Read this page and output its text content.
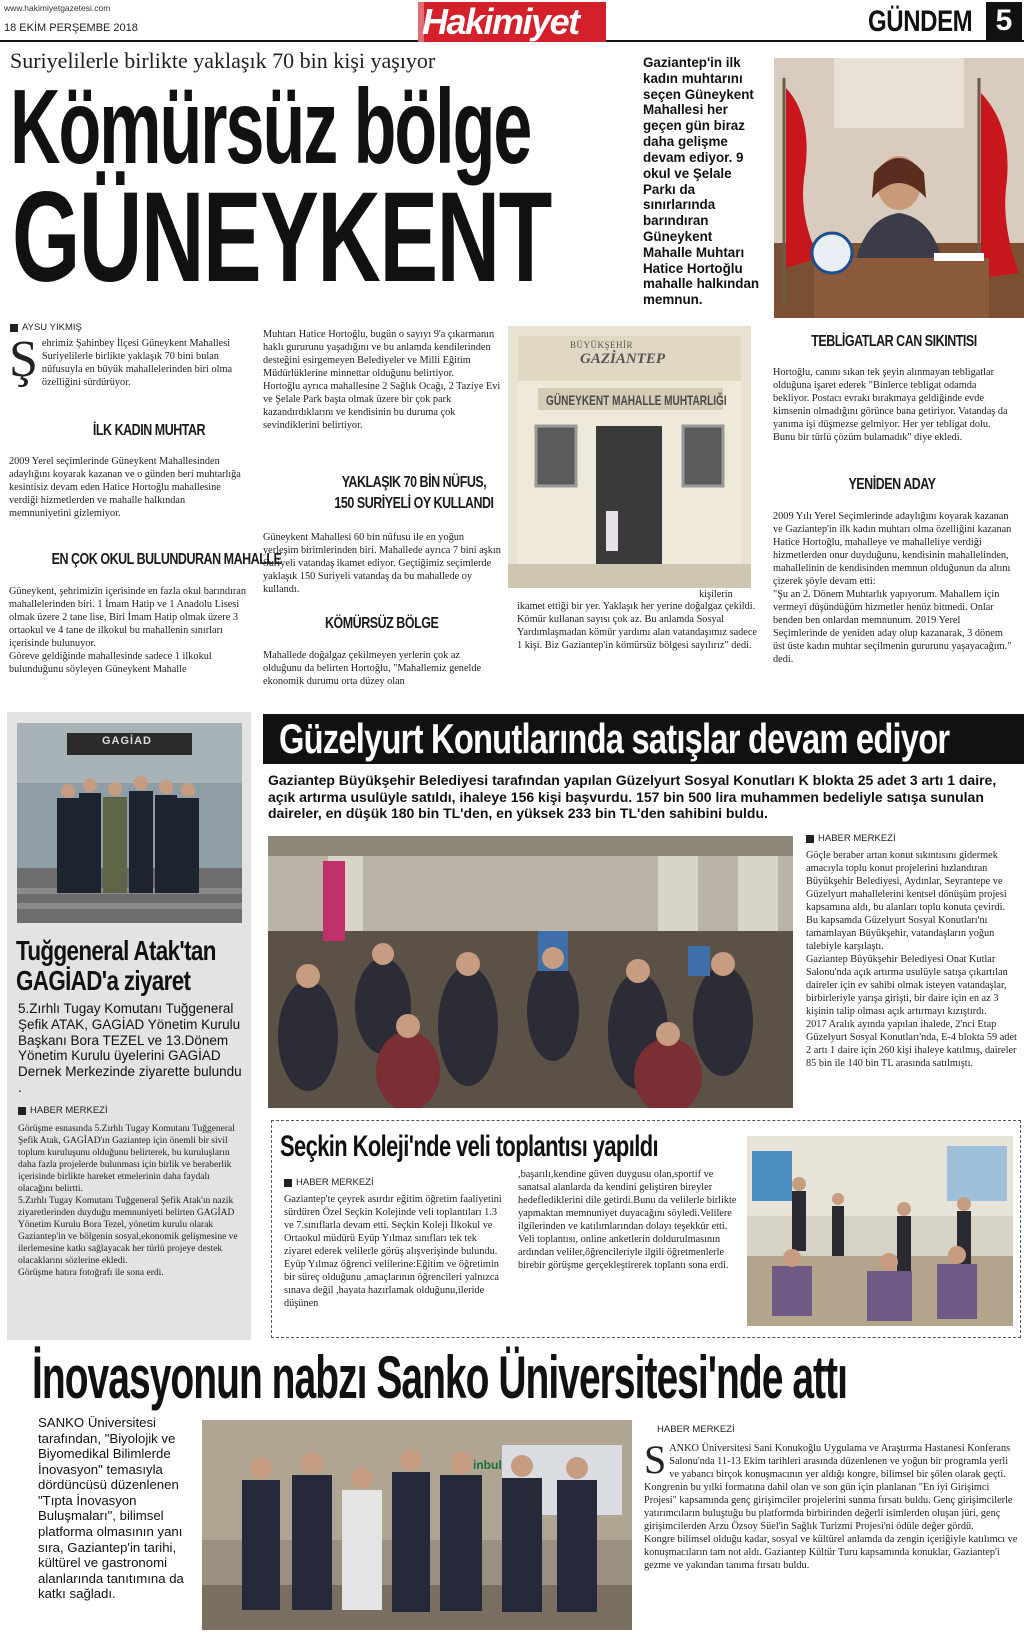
www.hakimiyetgazetesi.com
18 EKİM PERŞEMBE 2018	Hakimiyet	GÜNDEM 5
Suriyelilerle birlikte yaklaşık 70 bin kişi yaşıyor
Kömürsüz bölge
GÜNEYKENT
Gaziantep'in ilk kadın muhtarını seçen Güneykent Mahallesi her geçen gün biraz daha gelişme devam ediyor. 9 okul ve Şelale Parkı da sınırlarında barındıran Güneykent Mahalle Muhtarı Hatice Hortoğlu mahalle halkından memnun.
AYSU YIKMIŞ

Şehrimiz Şahinbey İlçesi Güneykent Mahallesi Suriyelilerle birlikte yaklaşık 70 bini bulan nüfusuyla en büyük mahallelerinden biri olma özelliğini sürdürüyor.

İLK KADIN MUHTAR
2009 Yerel seçimlerinde Güneykent Mahallesinden adaylığını koyarak kazanan ve o günden beri muhtarlığa kesintisiz devam eden Hatice Hortoğlu mahallesine verdiği hizmetlerden ve mahalle halkından memnuniyetini gizlemiyor.
EN ÇOK OKUL BULUNDURAN MAHALLE

Güneykent, şehrimizin içerisinde en fazla okul barındıran mahallelerinden biri. 1 İmam Hatip ve 1 Anadolu Lisesi olmak üzere 2 tane lise, Biri İmam Hatip olmak üzere 3 ortaokul ve 4 tane de ilkokul bu mahallenin sınırları içerisinde bulunuyor.

Göreve geldiğinde mahallesinde sadece 1 ilkokul bulunduğunu söyleyen Güneykent Mahalle

Muhtarı Hatice Hortoğlu, bugün o sayıyı 9'a çıkarmanın haklı gururunu yaşadığını ve bu anlamda kendilerinden desteğini esirgemeyen Belediyeler ve Milli Eğitim Müdürlüklerine minnettar olduğunu belirtiyor.

Hortoğlu ayrıca mahallesine 2 Sağlık Ocağı, 2 Taziye Evi ve Şelale Park başta olmak üzere bir çok park kazandırdıklarını ve kendisinin bu duruma çok sevindiklerini belirtiyor.

YAKLAŞIK 70 BİN NÜFUS,
150 SURİYELİ OY KULLANDI
Güneykent Mahallesi 60 bin nüfusu ile en yoğun yerleşim birimlerinden biri. Mahallede ayrıca 7 bini aşkın Suriyeli vatandaş ikamet ediyor. Geçtiğimiz seçimlerde yaklaşık 150 Suriyeli vatandaş da bu mahallede oy kullandı.
KÖMÜRSÜZ BÖLGE
Mahallede doğalgaz çekilmeyen yerlerin çok az olduğunu da belirten Hortoğlu, "Mahallemiz genelde ekonomik durumu orta düzey olan
BÜYÜKŞEHİR
GAZİANTEP
GÜNEYKENT MAHALLE MUHTARLIĞI
kişilerin
ikamet ettiği bir yer. Yaklaşık her yerine doğalgaz çekildi. Kömür kullanan sayısı çok az. Bu anlamda Sosyal Yardımlaşmadan kömür yardımı alan vatandaşımız sadece 1 kişi. Biz Gaziantep'in kömürsüz bölgesi sayılırız" dedi.
TEBLİGATLAR CAN SIKINTISI
Hortoğlu, canını sıkan tek şeyin alınmayan tebligatlar olduğuna işaret ederek "Binlerce tebligat odamda bekliyor. Postacı evrakı bırakmaya geldiğinde evde kimsenin olmadığını görünce bana getiriyor. Vatandaş da yanıma işi düşmezse gelmiyor. Her yer tebligat dolu. Bunu bir türlü çözüm bulamadık" diye ekledi.
YENİDEN ADAY

2009 Yılı Yerel Seçimlerinde adaylığını koyarak kazanan ve Gaziantep'in ilk kadın muhtarı olma özelliğini kazanan Hatice Hortoğlu, mahalleye ve mahalleliye verdiği hizmetlerden onur duyduğunu, kendisinin mahallelinden, mahallelinin de kendisinden memnun olduğunun da altını çizerek şöyle devam etti:

"Şu an 2. Dönem Muhtarlık yapıyorum. Mahallem için vermeyi düşündüğüm hizmetler henüz bitmedi. Onlar benden ben onlardan memnunum. 2019 Yerel Seçimlerinde de yeniden aday olup kazanarak, 3 dönem üst üste kadın muhtar seçilmenin gururunu yaşayacağım." dedi.

GAGİAD
Tuğgeneral Atak'tan
GAGİAD'a ziyaret
5.Zırhlı Tugay Komutanı Tuğgeneral Şefik ATAK, GAGİAD Yönetim Kurulu Başkanı Bora TEZEL ve 13.Dönem Yönetim Kurulu üyelerini GAGİAD Dernek Merkezinde ziyarette bulundu .
HABER MERKEZİ

Görüşme esnasında 5.Zırhlı Tugay Komutanı Tuğgeneral Şefik Atak, GAGİAD'ın Gaziantep için önemli bir sivil toplum kuruluşunu olduğunu belirterek, bu kuruluşların daha fazla projelerde bulunması için birlik ve beraberlik içerisinde birlikte hareket etmelerinin daha faydalı olacağını belirtti.

5.Zırhlı Tugay Komutanı Tuğgeneral Şefik Atak'ın nazik ziyaretlerinden duyduğu memnuniyeti belirten GAGİAD Yönetim Kurulu Bora Tezel, yönetim kurulu olarak Gaziantep'in ve bölgenin sosyal,ekonomik gelişmesine ve ilerlemesine katkı sağlayacak her türlü projeye destek olacaklarını sözlerine ekledi.

Görüşme hatıra fotoğrafı ile sona erdi.

Güzelyurt Konutlarında satışlar devam ediyor
Gaziantep Büyükşehir Belediyesi tarafından yapılan Güzelyurt Sosyal Konutları K blokta 25 adet 3 artı 1 daire, açık artırma usulüyle satıldı, ihaleye 156 kişi başvurdu. 157 bin 500 lira muhammen bedeliyle satışa sunulan daireler, en düşük 180 bin TL'den, en yüksek 233 bin TL'den sahibini buldu.
HABER MERKEZİ

Göçle beraber artan konut sıkıntısını gidermek amacıyla toplu konut projelerini hızlandıran Büyükşehir Belediyesi, Aydınlar, Seyrantepe ve Güzelyurt mahallelerini kentsel dönüşüm projesi kapsamına aldı, bu alanları toplu konuta çevirdi. Bu kapsamda Güzelyurt Sosyal Konutları'nı tamamlayan Büyükşehir, vatandaşların yoğun talebiyle karşılaştı.

Gaziantep Büyükşehir Belediyesi Onat Kutlar Salonu'nda açık artırma usulüyle satışa çıkartılan daireler için ev sahibi olmak isteyen vatandaşlar, birbirleriyle yarışa girişti, bir daire için en az 3 kişinin talip olması açık artırmayı kızıştırdı.

2017 Aralık ayında yapılan ihalede, 2'nci Etap Güzelyurt Sosyal Konutları'nda, E-4 blokta 59 adet 2 artı 1 daire için 260 kişi ihaleye katılmış, daireler 85 bin ile 140 bin TL arasında satılmıştı.

Seçkin Koleji'nde veli toplantısı yapıldı
HABER MERKEZİ
Gaziantep'te çeyrek asırdır eğitim öğretim faaliyetini sürdüren Özel Seçkin Kolejinde veli toplantıları 1.3 ve 7.sınıflarla devam etti. Seçkin Koleji İlkokul ve Ortaokul müdürü Eyüp Yılmaz sınıfları tek tek ziyaret ederek velilerle görüş alışverişinde bulundu. Eyüp Yılmaz öğrenci velilerine:Eğitim ve öğretimin bir süreç olduğunu ,amaçlarının öğrencileri yalnızca sınava değil ,hayata hazırlamak olduğunu,ileride düşünen
,başarılı,kendine güven duygusu olan,sportif ve sanatsal alanlarda da kendini geliştiren bireyler hedeflediklerini dile getirdi.Bunu da velilerle birlikte yapmaktan memnuniyet duyacağını söyledi.Velilere ilgilerinden ve katılımlarından dolayı teşekkür etti. Veli toplantısı, online anketlerin doldurulmasının ardından veliler,öğrencileriyle ilgili öğretmenlerle birebir görüşme gerçekleştirerek toplantı sona erdi.
İnovasyonun nabzı Sanko Üniversitesi'nde attı
SANKO Üniversitesi tarafından, "Biyolojik ve Biyomedikal Bilimlerde İnovasyon" temasıyla dördüncüsü düzenlenen "Tıpta İnovasyon Buluşmaları", bilimsel platforma olmasının yanı sıra, Gaziantep'in tarihi, kültürel ve gastronomi alanlarında tanıtımına da katkı sağladı.
inbul
HABER MERKEZİ

SANKO Üniversitesi Sani Konukoğlu Uygulama ve Araştırma Hastanesi Konferans Salonu'nda 11-13 Ekim tarihleri arasında düzenlenen ve yoğun bir programla yerli ve yabancı birçok konuşmacının yer aldığı kongre, bilimsel bir şölen olarak geçti.

Kongrenin bu yılki formatına dahil olan ve son gün için planlanan "En iyi Girişimci Projesi" kapsamında genç girişimciler projelerini sunma fırsatı buldu. Genç girişimcilerle yatırımcıların buluştuğu bu platformda birbirinden değerli isimlerden oluşan jüri, genç girişimcilerden Arzu Özsoy Süel'in Sağlık Turizmi Projesi'ni ödüle değer gördü.

Kongre bilimsel olduğu kadar, sosyal ve kültürel anlamda da zengin içeriğiyle katılımcı ve konuşmacıların tam not aldı. Gaziantep Kültür Turu kapsamında konuklar, Gaziantep'i gezme ve yakından tanıma fırsatı buldu.
